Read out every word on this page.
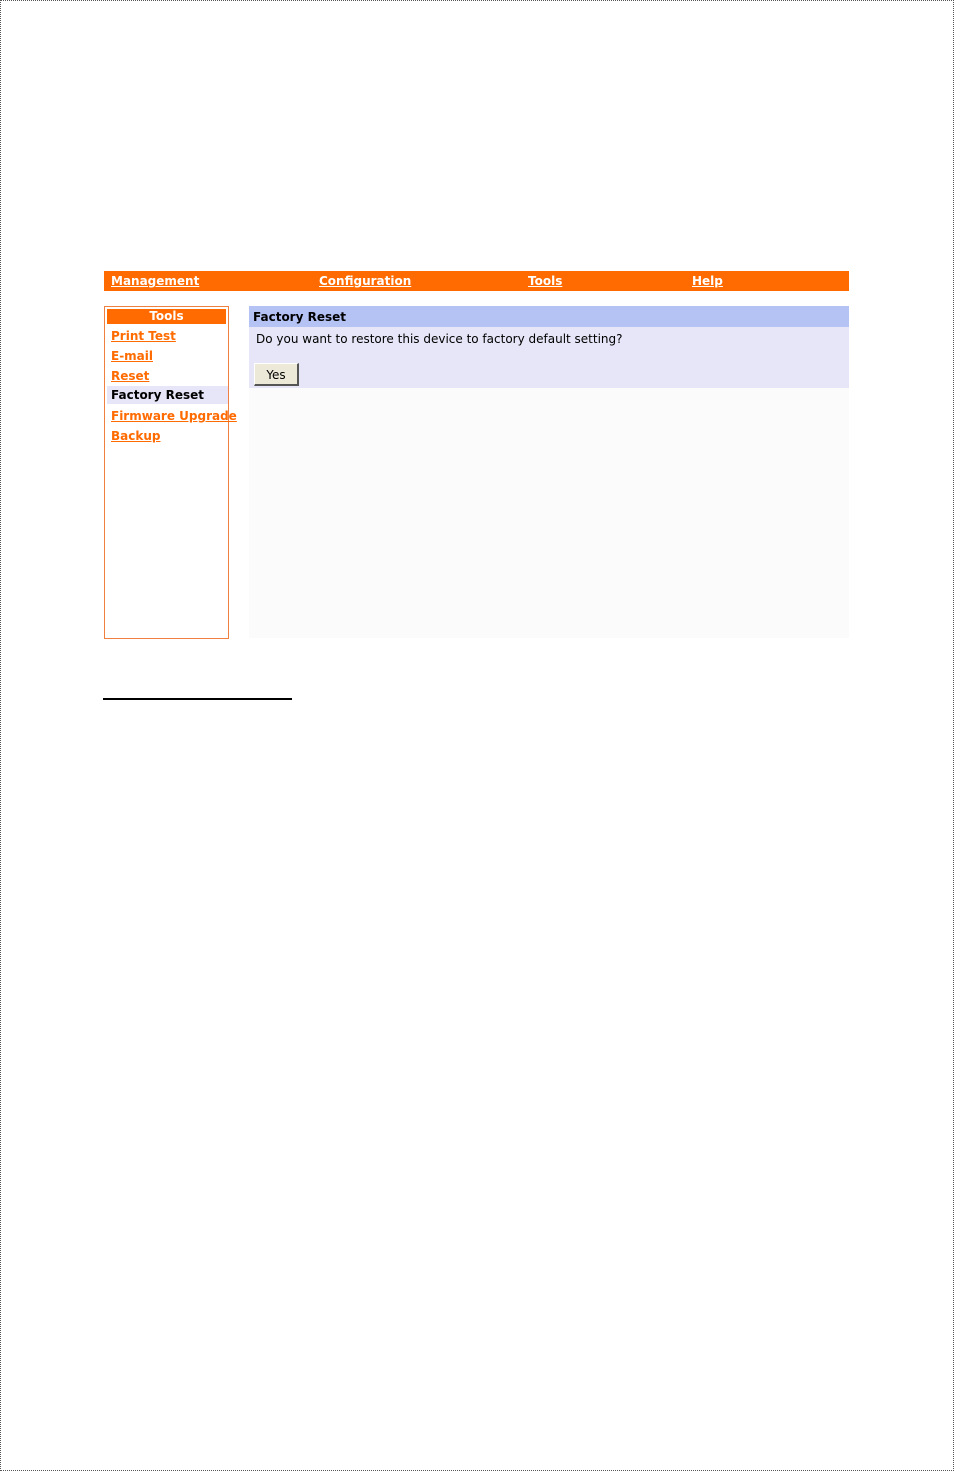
Management	Configuration	Tools	Help
Tools
Print Test
E-mail
Reset
Factory Reset
Firmware Upgrade
Backup
Factory Reset
Do you want to restore this device to factory default setting?
Yes
